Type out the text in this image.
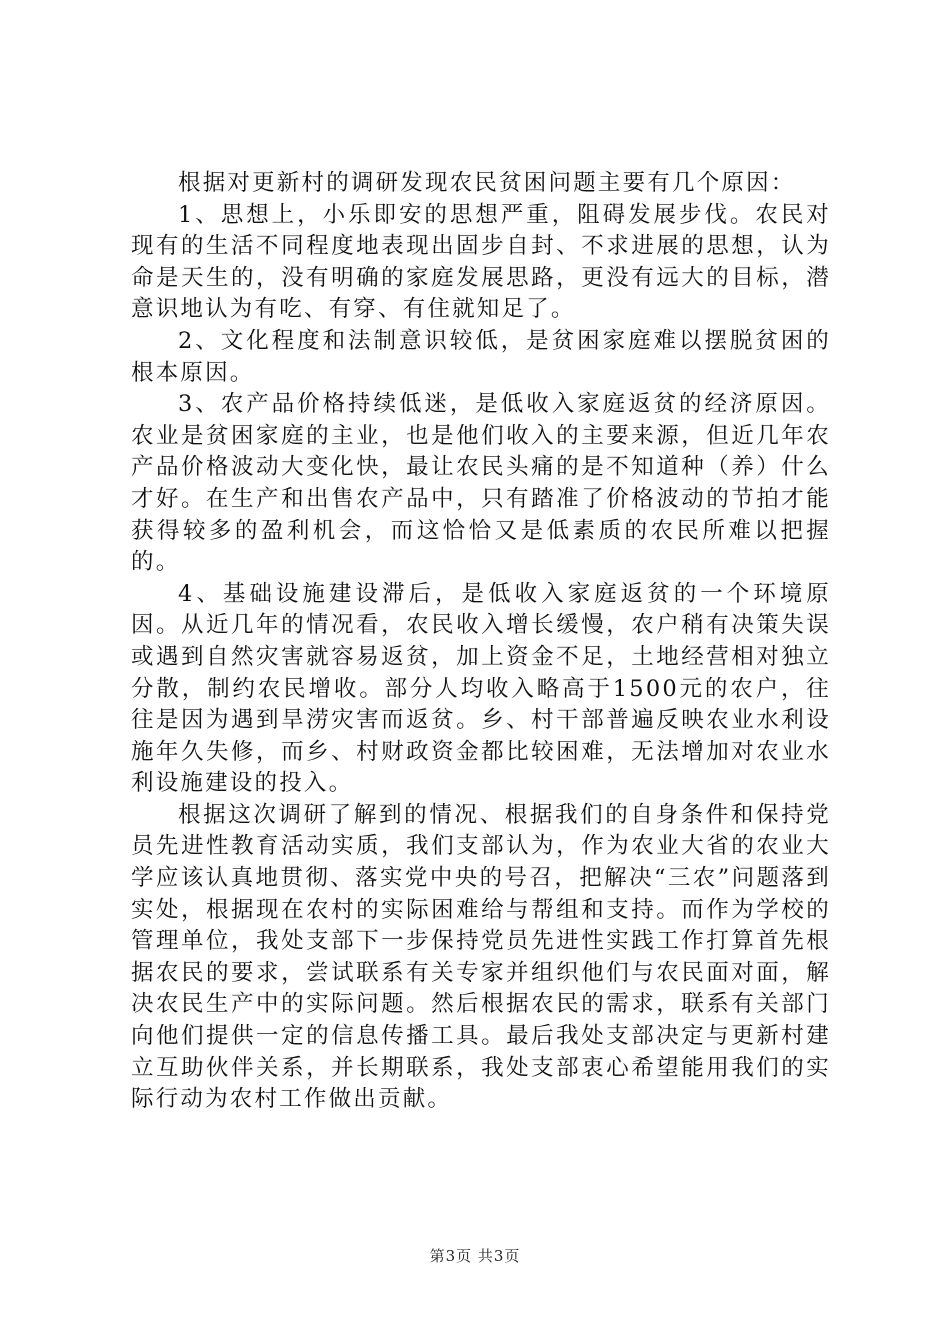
根据对更新村的调研发现农民贫困问题主要有几个原因：

1、思想上，小乐即安的思想严重，阻碍发展步伐。农民对现有的生活不同程度地表现出固步自封、不求进展的思想，认为命是天生的，没有明确的家庭发展思路，更没有远大的目标，潜意识地认为有吃、有穿、有住就知足了。

2、文化程度和法制意识较低，是贫困家庭难以摆脱贫困的根本原因。

3、农产品价格持续低迷，是低收入家庭返贫的经济原因。农业是贫困家庭的主业，也是他们收入的主要来源，但近几年农产品价格波动大变化快，最让农民头痛的是不知道种（养）什么才好。在生产和出售农产品中，只有踏准了价格波动的节拍才能获得较多的盈利机会，而这恰恰又是低素质的农民所难以把握的。

4、基础设施建设滞后，是低收入家庭返贫的一个环境原因。从近几年的情况看，农民收入增长缓慢，农户稍有决策失误或遇到自然灾害就容易返贫，加上资金不足，土地经营相对独立分散，制约农民增收。部分人均收入略高于1500元的农户，往往是因为遇到旱涝灾害而返贫。乡、村干部普遍反映农业水利设施年久失修，而乡、村财政资金都比较困难，无法增加对农业水利设施建设的投入。

根据这次调研了解到的情况、根据我们的自身条件和保持党员先进性教育活动实质，我们支部认为，作为农业大省的农业大学应该认真地贯彻、落实党中央的号召，把解决“三农”问题落到实处，根据现在农村的实际困难给与帮组和支持。而作为学校的管理单位，我处支部下一步保持党员先进性实践工作打算首先根据农民的要求，尝试联系有关专家并组织他们与农民面对面，解决农民生产中的实际问题。然后根据农民的需求，联系有关部门向他们提供一定的信息传播工具。最后我处支部决定与更新村建立互助伙伴关系，并长期联系，我处支部衷心希望能用我们的实际行动为农村工作做出贡献。

第3页 共3页
